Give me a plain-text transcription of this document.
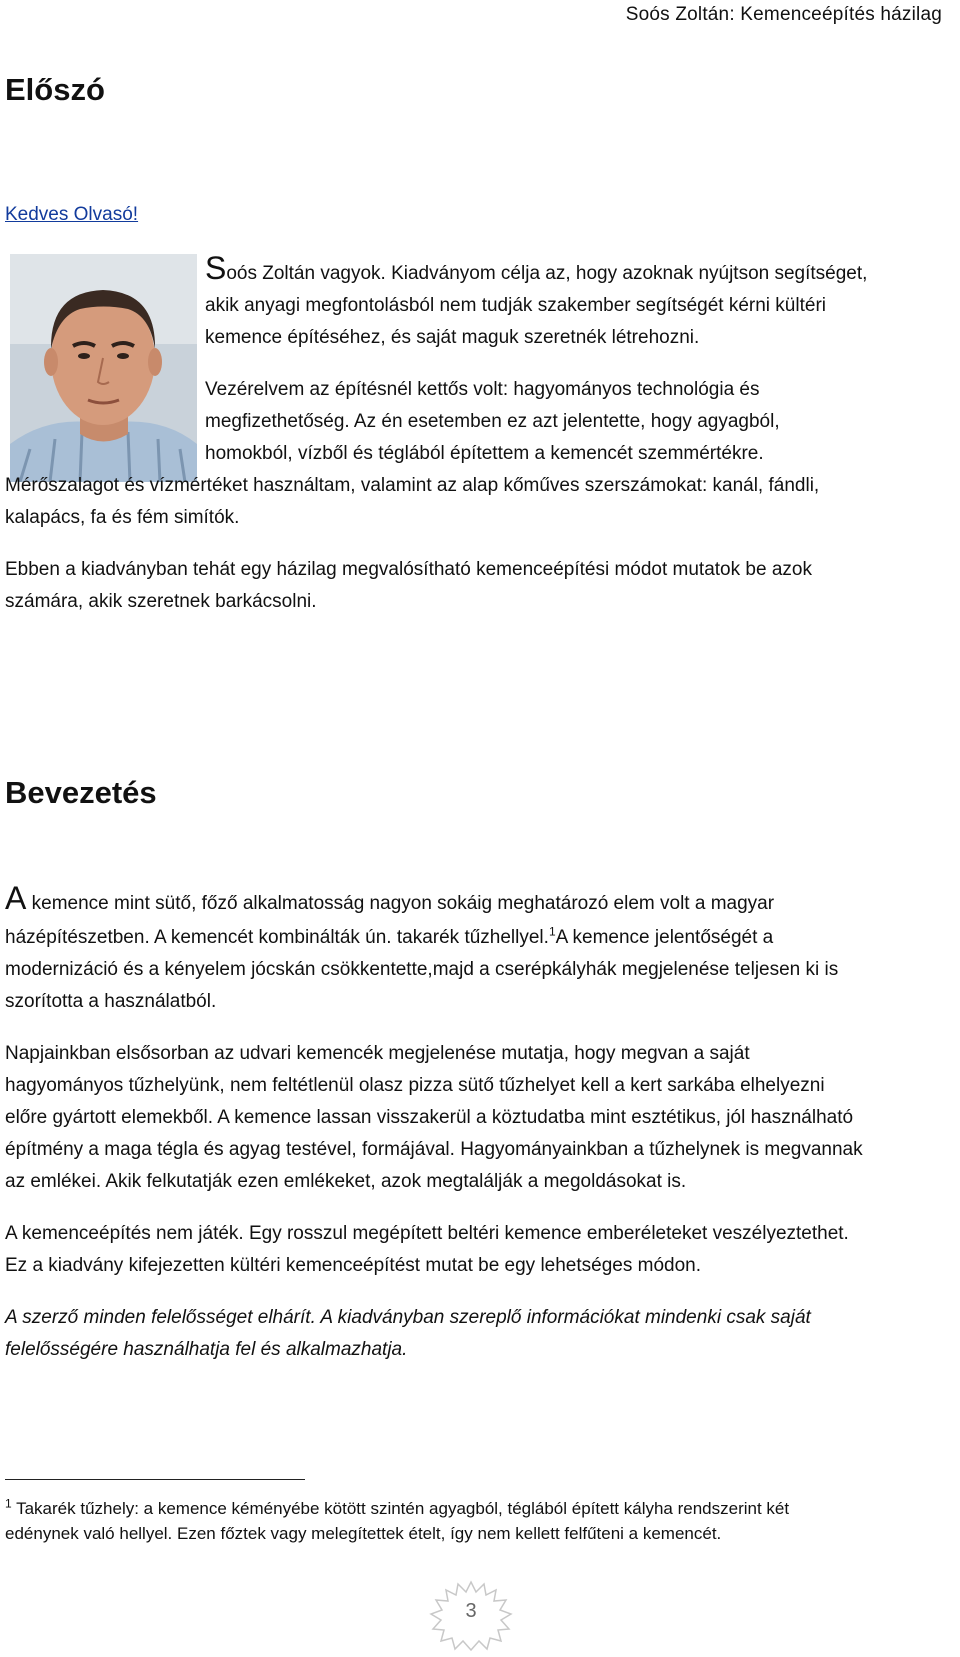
Soós Zoltán: Kemenceépítés házilag
Előszó
Kedves Olvasó!
Soós Zoltán vagyok. Kiadványom célja az, hogy azoknak nyújtson segítséget,
akik anyagi megfontolásból nem tudják szakember segítségét kérni kültéri
kemence építéséhez, és saját maguk szeretnék létrehozni.
Vezérelvem az építésnél kettős volt: hagyományos technológia és
megfizethetőség. Az én esetemben ez azt jelentette, hogy agyagból,
homokból, vízből és téglából építettem a kemencét szemmértékre.
Mérőszalagot és vízmértéket használtam, valamint az alap kőműves szerszámokat: kanál, fándli,
kalapács, fa és fém simítók.
Ebben a kiadványban tehát egy házilag megvalósítható kemenceépítési módot mutatok be azok
számára, akik szeretnek barkácsolni.
Bevezetés
A kemence mint sütő, főző alkalmatosság nagyon sokáig meghatározó elem volt a magyar
házépítészetben. A kemencét kombinálták ún. takarék tűzhellyel.$^1$A kemence jelentőségét a
modernizáció és a kényelem jócskán csökkentette,majd a cserépkályhák megjelenése teljesen ki is
szorította a használatból.
Napjainkban elsősorban az udvari kemencék megjelenése mutatja, hogy megvan a saját
hagyományos tűzhelyünk, nem feltétlenül olasz pizza sütő tűzhelyet kell a kert sarkába elhelyezni
előre gyártott elemekből. A kemence lassan visszakerül a köztudatba mint esztétikus, jól használható
építmény a maga tégla és agyag testével, formájával. Hagyományainkban a tűzhelynek is megvannak
az emlékei. Akik felkutatják ezen emlékeket, azok megtalálják a megoldásokat is.
A kemenceépítés nem játék. Egy rosszul megépített beltéri kemence emberéleteket veszélyeztethet.
Ez a kiadvány kifejezetten kültéri kemenceépítést mutat be egy lehetséges módon.
A szerző minden felelősséget elhárít. A kiadványban szereplő információkat mindenki csak saját
felelősségére használhatja fel és alkalmazhatja.
$^1$ Takarék tűzhely: a kemence kéményébe kötött szintén agyagból, téglából épített kályha rendszerint két
edénynek való hellyel. Ezen főztek vagy melegítettek ételt, így nem kellett felfűteni a kemencét.
3
